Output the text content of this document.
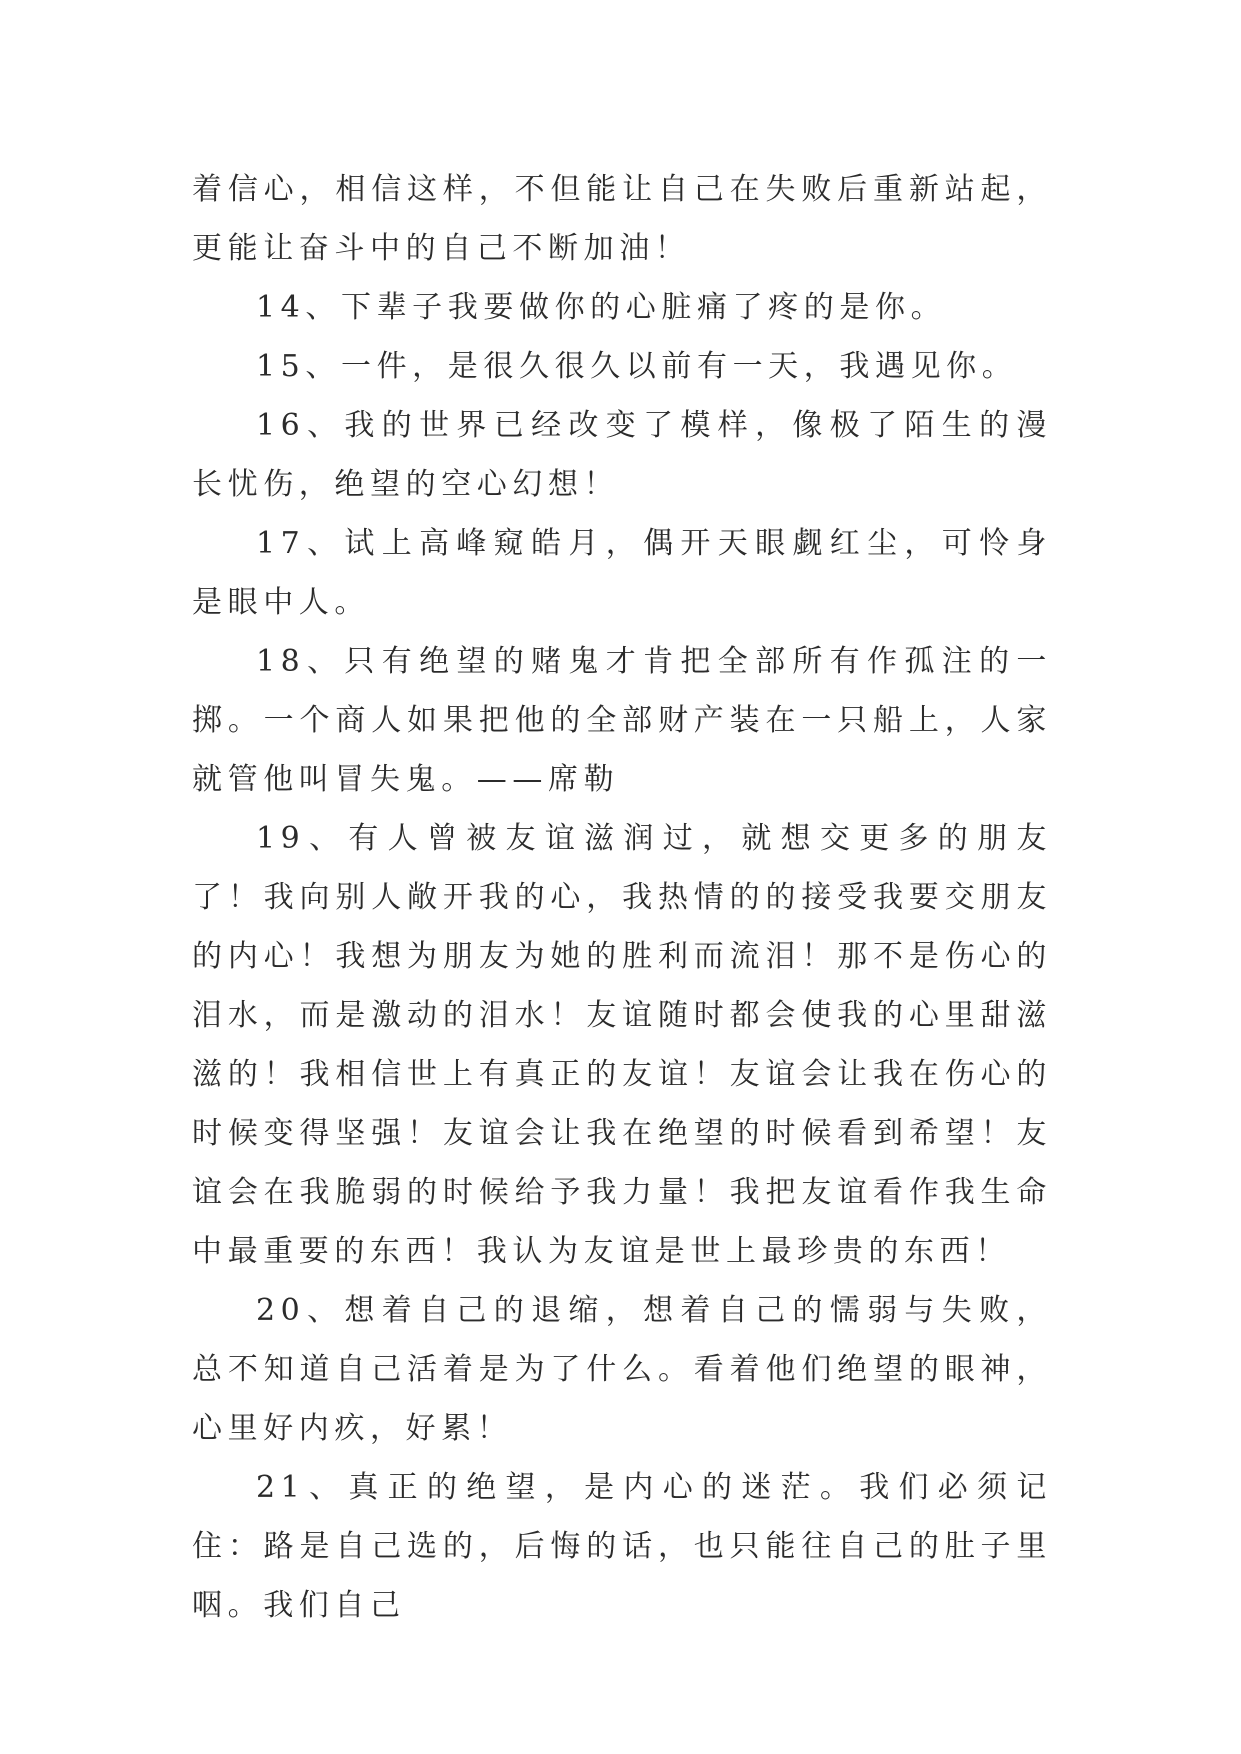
着信心，相信这样，不但能让自己在失败后重新站起，更能让奋斗中的自己不断加油！

14、下辈子我要做你的心脏痛了疼的是你。

15、一件，是很久很久以前有一天，我遇见你。

16、我的世界已经改变了模样，像极了陌生的漫长忧伤，绝望的空心幻想！

17、试上高峰窥皓月，偶开天眼觑红尘，可怜身是眼中人。

18、只有绝望的赌鬼才肯把全部所有作孤注的一掷。一个商人如果把他的全部财产装在一只船上，人家就管他叫冒失鬼。——席勒

19、有人曾被友谊滋润过，就想交更多的朋友了！我向别人敞开我的心，我热情的的接受我要交朋友的内心！我想为朋友为她的胜利而流泪！那不是伤心的泪水，而是激动的泪水！友谊随时都会使我的心里甜滋滋的！我相信世上有真正的友谊！友谊会让我在伤心的时候变得坚强！友谊会让我在绝望的时候看到希望！友谊会在我脆弱的时候给予我力量！我把友谊看作我生命中最重要的东西！我认为友谊是世上最珍贵的东西！

20、想着自己的退缩，想着自己的懦弱与失败，总不知道自己活着是为了什么。看着他们绝望的眼神，心里好内疚，好累！

21、真正的绝望，是内心的迷茫。我们必须记住：路是自己选的，后悔的话，也只能往自己的肚子里咽。我们自己
